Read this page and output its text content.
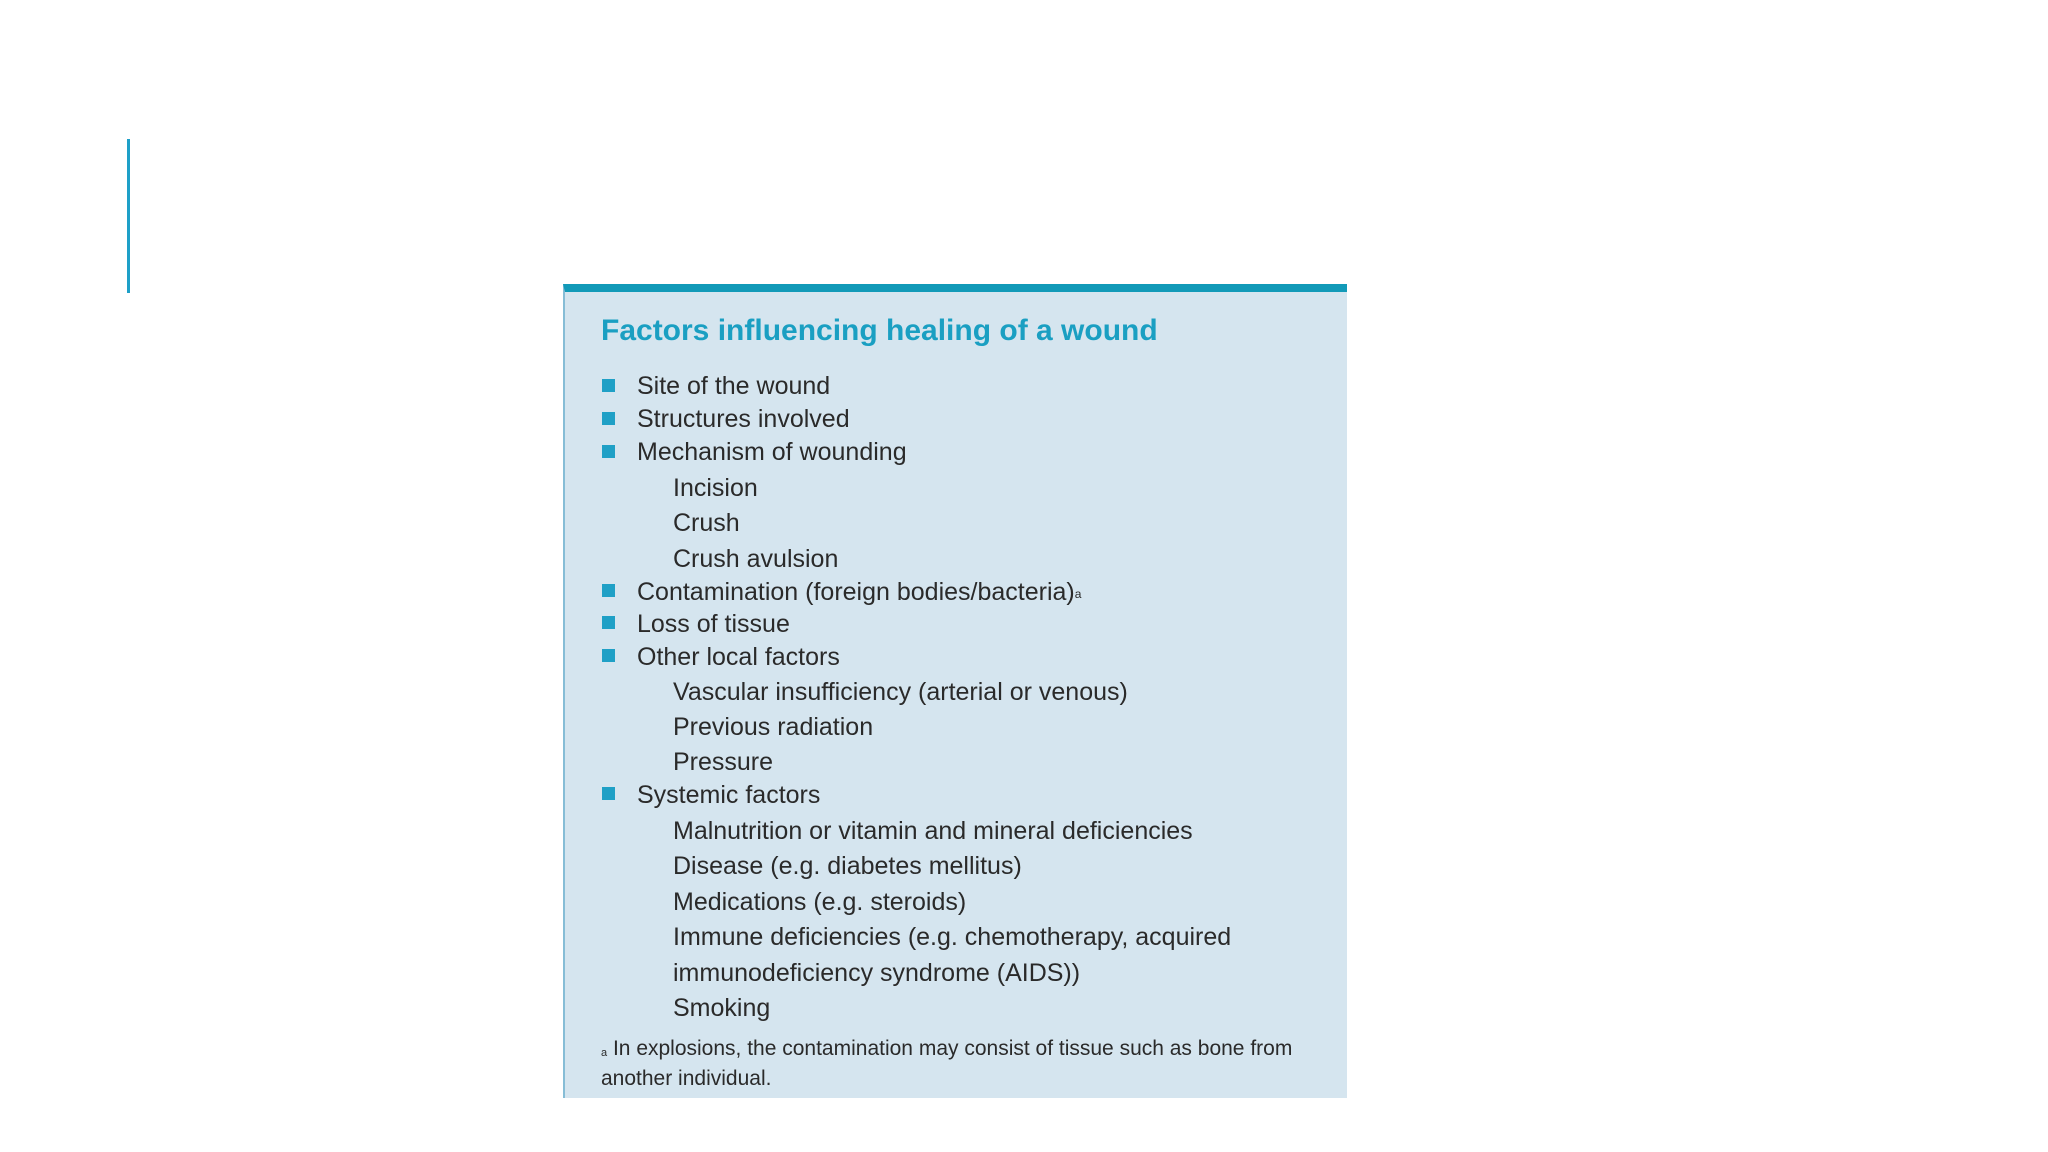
Factors influencing healing of a wound
Site of the wound
Structures involved
Mechanism of wounding
Incision
Crush
Crush avulsion
Contamination (foreign bodies/bacteria)$^a$
Loss of tissue
Other local factors
Vascular insufficiency (arterial or venous)
Previous radiation
Pressure
Systemic factors
Malnutrition or vitamin and mineral deficiencies
Disease (e.g. diabetes mellitus)
Medications (e.g. steroids)
Immune deficiencies (e.g. chemotherapy, acquired
immunodeficiency syndrome (AIDS))
Smoking
$^a$ In explosions, the contamination may consist of tissue such as bone from another individual.
